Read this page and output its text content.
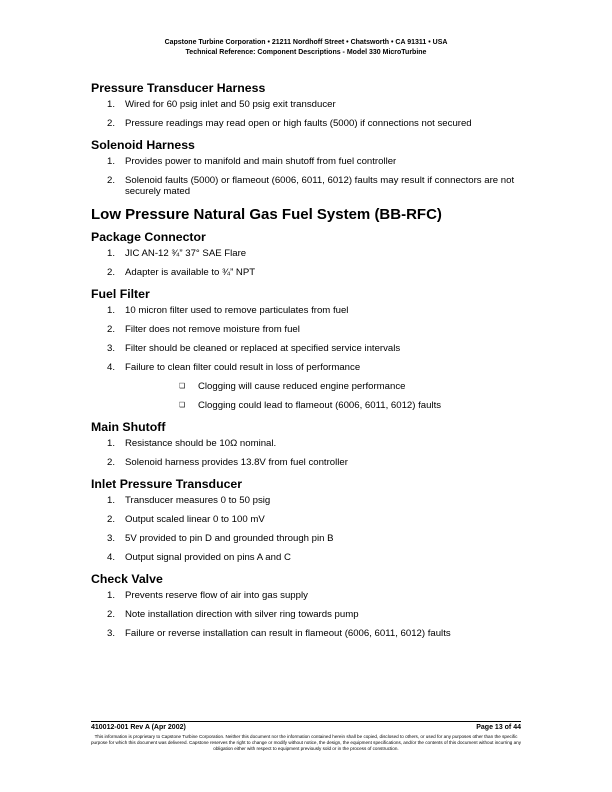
Capstone Turbine Corporation • 21211 Nordhoff Street • Chatsworth • CA 91311 • USA
Technical Reference: Component Descriptions - Model 330 MicroTurbine
Pressure Transducer Harness
1. Wired for 60 psig inlet and 50 psig exit transducer
2. Pressure readings may read open or high faults (5000) if connections not secured
Solenoid Harness
1. Provides power to manifold and main shutoff from fuel controller
2. Solenoid faults (5000) or flameout (6006, 6011, 6012) faults may result if connectors are not securely mated
Low Pressure Natural Gas Fuel System (BB-RFC)
Package Connector
1. JIC AN-12 ¾” 37° SAE Flare
2. Adapter is available to ¾” NPT
Fuel Filter
1. 10 micron filter used to remove particulates from fuel
2. Filter does not remove moisture from fuel
3. Filter should be cleaned or replaced at specified service intervals
4. Failure to clean filter could result in loss of performance
❏ Clogging will cause reduced engine performance
❏ Clogging could lead to flameout (6006, 6011, 6012) faults
Main Shutoff
1. Resistance should be 10Ω nominal.
2. Solenoid harness provides 13.8V from fuel controller
Inlet Pressure Transducer
1. Transducer measures 0 to 50 psig
2. Output scaled linear 0 to 100 mV
3. 5V provided to pin D and grounded through pin B
4. Output signal provided on pins A and C
Check Valve
1. Prevents reserve flow of air into gas supply
2. Note installation direction with silver ring towards pump
3. Failure or reverse installation can result in flameout (6006, 6011, 6012) faults
410012-001 Rev A (Apr 2002)	Page 13 of 44
This information is proprietary to Capstone Turbine Corporation. Neither this document nor the information contained herein shall be copied, disclosed to others, or used for any purposes other than the specific purpose for which this document was delivered. Capstone reserves the right to change or modify without notice, the design, the equipment specifications, and/or the contents of this document without incurring any obligation either with respect to equipment previously sold or in the process of construction.
